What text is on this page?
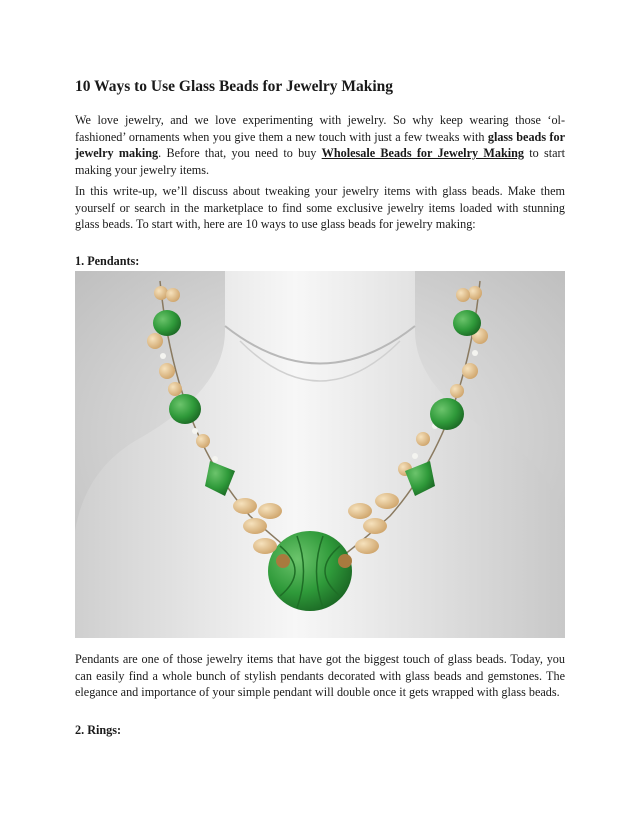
10 Ways to Use Glass Beads for Jewelry Making

We love jewelry, and we love experimenting with jewelry. So why keep wearing those ‘ol-fashioned’ ornaments when you give them a new touch with just a few tweaks with glass beads for jewelry making. Before that, you need to buy Wholesale Beads for Jewelry Making to start making your jewelry items.

In this write-up, we’ll discuss about tweaking your jewelry items with glass beads. Make them yourself or search in the marketplace to find some exclusive jewelry items loaded with stunning glass beads. To start with, here are 10 ways to use glass beads for jewelry making:

1. Pendants:

Pendants are one of those jewelry items that have got the biggest touch of glass beads. Today, you can easily find a whole bunch of stylish pendants decorated with glass beads and gemstones. The elegance and importance of your simple pendant will double once it gets wrapped with glass beads.

2. Rings:
